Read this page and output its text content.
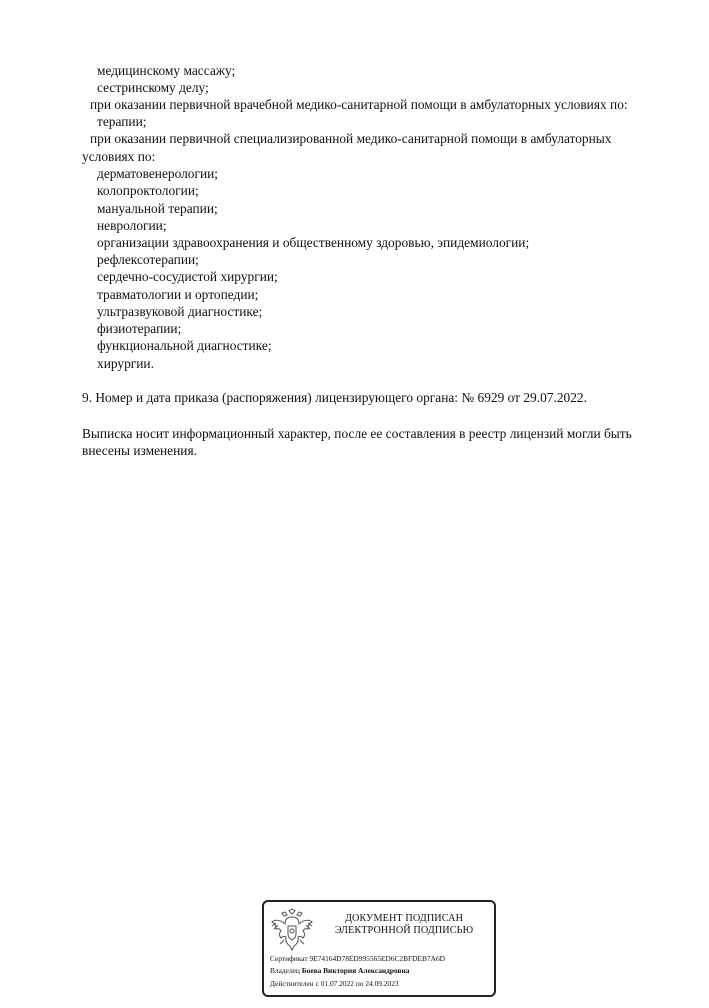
медицинскому массажу;
сестринскому делу;
при оказании первичной врачебной медико-санитарной помощи в амбулаторных условиях по:
терапии;
при оказании первичной специализированной медико-санитарной помощи в амбулаторных
условиях по:
дерматовенерологии;
колопроктологии;
мануальной терапии;
неврологии;
организации здравоохранения и общественному здоровью, эпидемиологии;
рефлексотерапии;
сердечно-сосудистой хирургии;
травматологии и ортопедии;
ультразвуковой диагностике;
физиотерапии;
функциональной диагностике;
хирургии.
9. Номер и дата приказа (распоряжения) лицензирующего органа: № 6929 от 29.07.2022.
Выписка носит информационный характер, после ее составления в реестр лицензий могли быть внесены изменения.
ДОКУМЕНТ ПОДПИСАН
ЭЛЕКТРОННОЙ ПОДПИСЬЮ
Сертификат 9E74164D78ED995565ED6C2BFDEB7A6D
Владелец Боева Виктория Александровна
Действителен с 01.07.2022 по 24.09.2023
